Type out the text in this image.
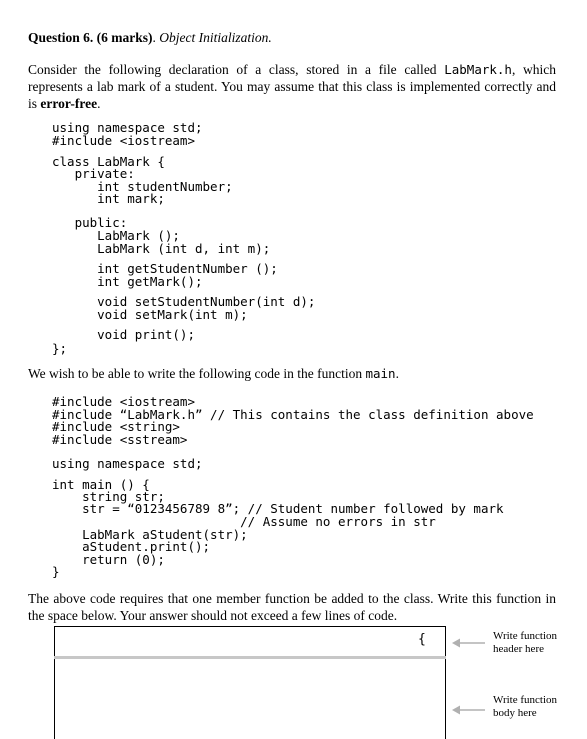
Question 6. (6 marks). Object Initialization.
Consider the following declaration of a class, stored in a file called LabMark.h, which represents a lab mark of a student. You may assume that this class is implemented correctly and is error-free.
using namespace std;
#include <iostream>
class LabMark {
private:
int studentNumber;
int mark;
public:
LabMark ();
LabMark (int d, int m);
int getStudentNumber ();
int getMark();
void setStudentNumber(int d);
void setMark(int m);
void print();
};
We wish to be able to write the following code in the function main.
#include <iostream>
#include “LabMark.h” // This contains the class definition above
#include <string>
#include <sstream>
using namespace std;
int main () {
string str;
str = “0123456789 8”; // Student number followed by mark
// Assume no errors in str
LabMark aStudent(str);
aStudent.print();
return (0);
}
The above code requires that one member function be added to the class. Write this function in the space below. Your answer should not exceed a few lines of code.
{	Write function
header here
Write function
body here
